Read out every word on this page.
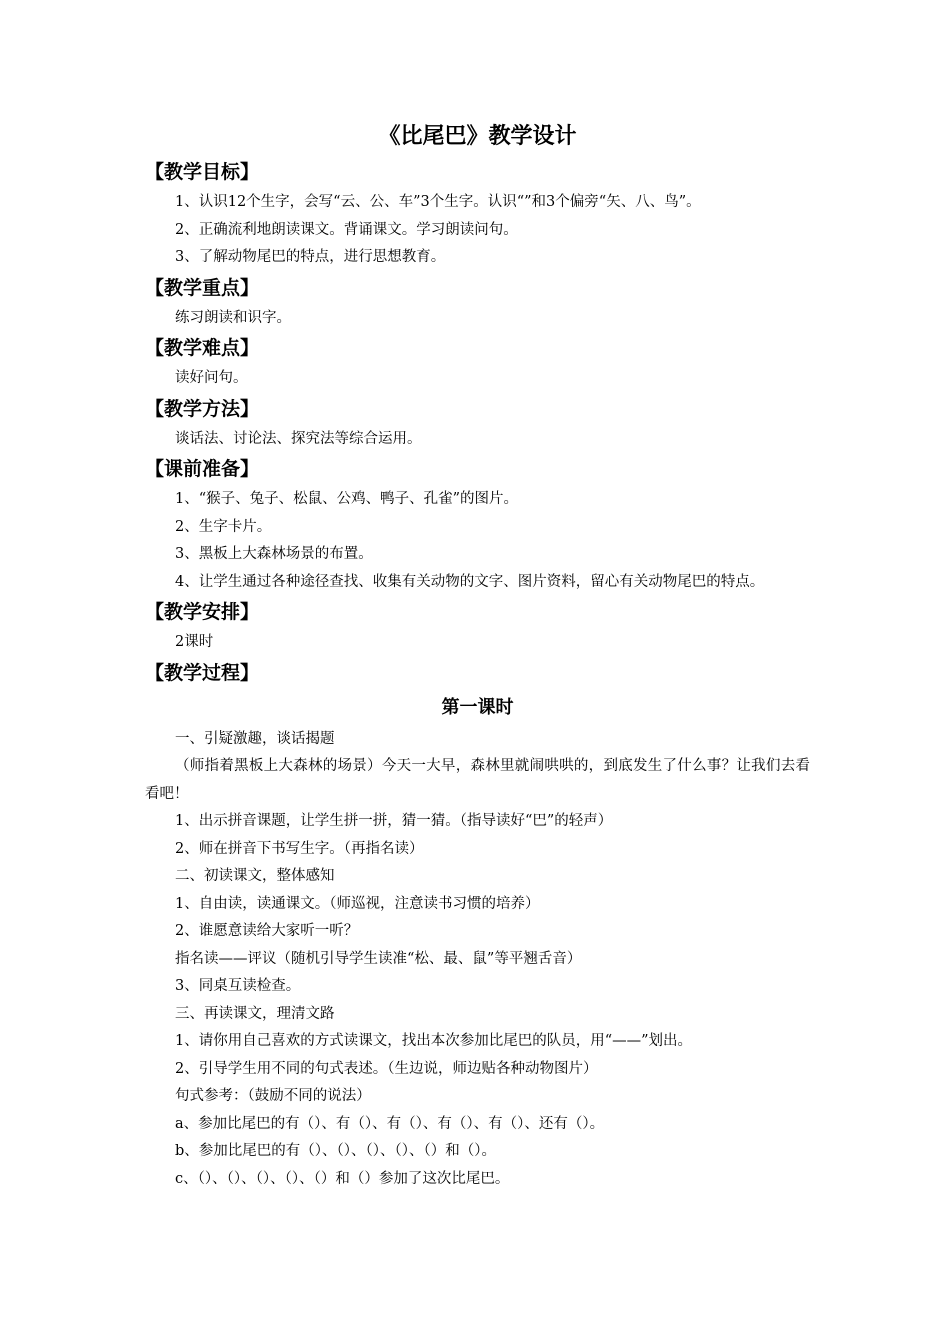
《比尾巴》教学设计
【教学目标】

1、认识12个生字，会写“云、公、车”3个生字。认识“”和3个偏旁“矢、八、鸟”。

2、正确流利地朗读课文。背诵课文。学习朗读问句。

3、了解动物尾巴的特点，进行思想教育。

【教学重点】

练习朗读和识字。

【教学难点】

读好问句。

【教学方法】

谈话法、讨论法、探究法等综合运用。

【课前准备】

1、“猴子、兔子、松鼠、公鸡、鸭子、孔雀”的图片。

2、生字卡片。

3、黑板上大森林场景的布置。

4、让学生通过各种途径查找、收集有关动物的文字、图片资料，留心有关动物尾巴的特点。

【教学安排】

2课时

【教学过程】
第一课时

一、引疑激趣，谈话揭题

（师指着黑板上大森林的场景）今天一大早，森林里就闹哄哄的，到底发生了什么事？让我们去看看吧！

1、出示拼音课题，让学生拼一拼，猜一猜。（指导读好“巴”的轻声）

2、师在拼音下书写生字。（再指名读）

二、初读课文，整体感知

1、自由读，读通课文。（师巡视，注意读书习惯的培养）

2、谁愿意读给大家听一听？

指名读——评议（随机引导学生读准“松、最、鼠”等平翘舌音）

3、同桌互读检查。

三、再读课文，理清文路

1、请你用自己喜欢的方式读课文，找出本次参加比尾巴的队员，用“——”划出。

2、引导学生用不同的句式表述。（生边说，师边贴各种动物图片）

句式参考：（鼓励不同的说法）

a、参加比尾巴的有（）、有（）、有（）、有（）、有（）、还有（）。

b、参加比尾巴的有（）、（）、（）、（）、（）和（）。

c、（）、（）、（）、（）、（）和（）参加了这次比尾巴。
